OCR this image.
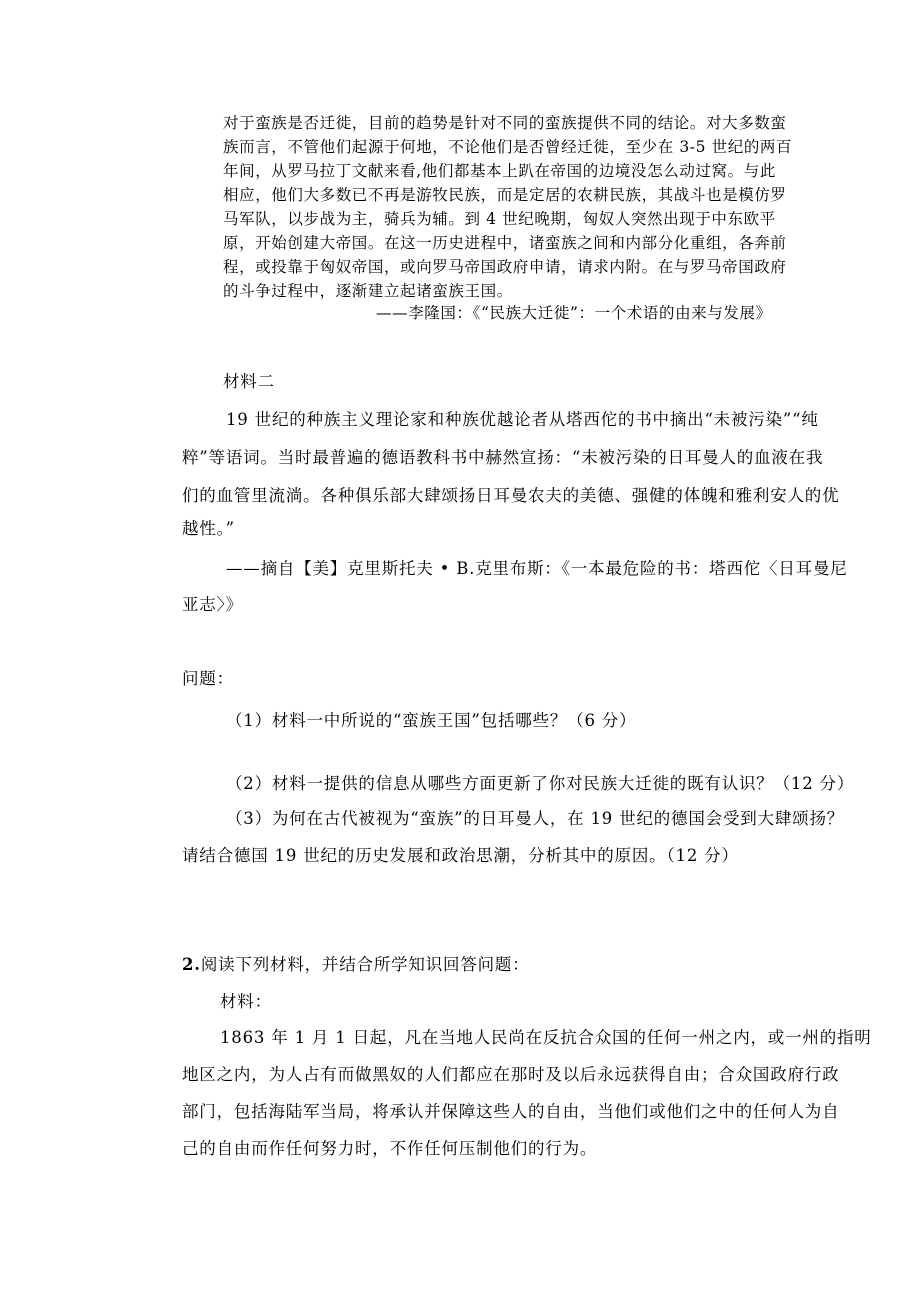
对于蛮族是否迁徙，目前的趋势是针对不同的蛮族提供不同的结论。对大多数蛮
族而言，不管他们起源于何地，不论他们是否曾经迁徙，至少在 3-5 世纪的两百
年间，从罗马拉丁文献来看,他们都基本上趴在帝国的边境没怎么动过窝。与此
相应，他们大多数已不再是游牧民族，而是定居的农耕民族，其战斗也是模仿罗
马军队，以步战为主，骑兵为辅。到 4 世纪晚期，匈奴人突然出现于中东欧平
原，开始创建大帝国。在这一历史进程中，诸蛮族之间和内部分化重组，各奔前
程，或投靠于匈奴帝国，或向罗马帝国政府申请，请求内附。在与罗马帝国政府
的斗争过程中，逐渐建立起诸蛮族王国。
——李隆国：《“民族大迁徙”：一个术语的由来与发展》
材料二
19 世纪的种族主义理论家和种族优越论者从塔西佗的书中摘出“未被污染”“纯
粹”等语词。当时最普遍的德语教科书中赫然宣扬：“未被污染的日耳曼人的血液在我
们的血管里流淌。各种俱乐部大肆颂扬日耳曼农夫的美德、强健的体魄和雅利安人的优
越性。”
——摘自【美】克里斯托夫 • B.克里布斯：《一本最危险的书：塔西佗〈日耳曼尼
亚志〉》
问题：
（1）材料一中所说的“蛮族王国”包括哪些？（6 分）
（2）材料一提供的信息从哪些方面更新了你对民族大迁徙的既有认识？（12 分）
（3）为何在古代被视为“蛮族”的日耳曼人，在 19 世纪的德国会受到大肆颂扬？
请结合德国 19 世纪的历史发展和政治思潮，分析其中的原因。（12 分）
2.阅读下列材料，并结合所学知识回答问题：
材料：
1863 年 1 月 1 日起，凡在当地人民尚在反抗合众国的任何一州之内，或一州的指明
地区之内，为人占有而做黑奴的人们都应在那时及以后永远获得自由；合众国政府行政
部门，包括海陆军当局，将承认并保障这些人的自由，当他们或他们之中的任何人为自
己的自由而作任何努力时，不作任何压制他们的行为。
